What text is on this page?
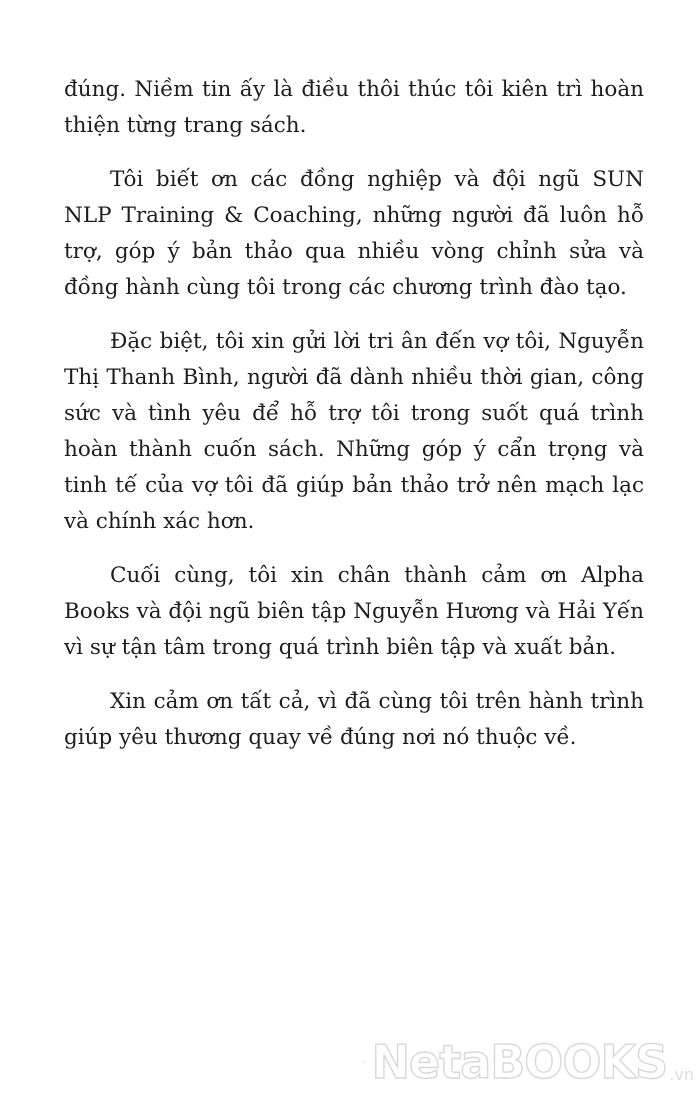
đúng. Niềm tin ấy là điều thôi thúc tôi kiên trì hoàn thiện từng trang sách.

Tôi biết ơn các đồng nghiệp và đội ngũ SUN NLP Training & Coaching, những người đã luôn hỗ trợ, góp ý bản thảo qua nhiều vòng chỉnh sửa và đồng hành cùng tôi trong các chương trình đào tạo.

Đặc biệt, tôi xin gửi lời tri ân đến vợ tôi, Nguyễn Thị Thanh Bình, người đã dành nhiều thời gian, công sức và tình yêu để hỗ trợ tôi trong suốt quá trình hoàn thành cuốn sách. Những góp ý cẩn trọng và tinh tế của vợ tôi đã giúp bản thảo trở nên mạch lạc và chính xác hơn.

Cuối cùng, tôi xin chân thành cảm ơn Alpha Books và đội ngũ biên tập Nguyễn Hương và Hải Yến vì sự tận tâm trong quá trình biên tập và xuất bản.

Xin cảm ơn tất cả, vì đã cùng tôi trên hành trình giúp yêu thương quay về đúng nơi nó thuộc về.

NetaBOOKS .vn
